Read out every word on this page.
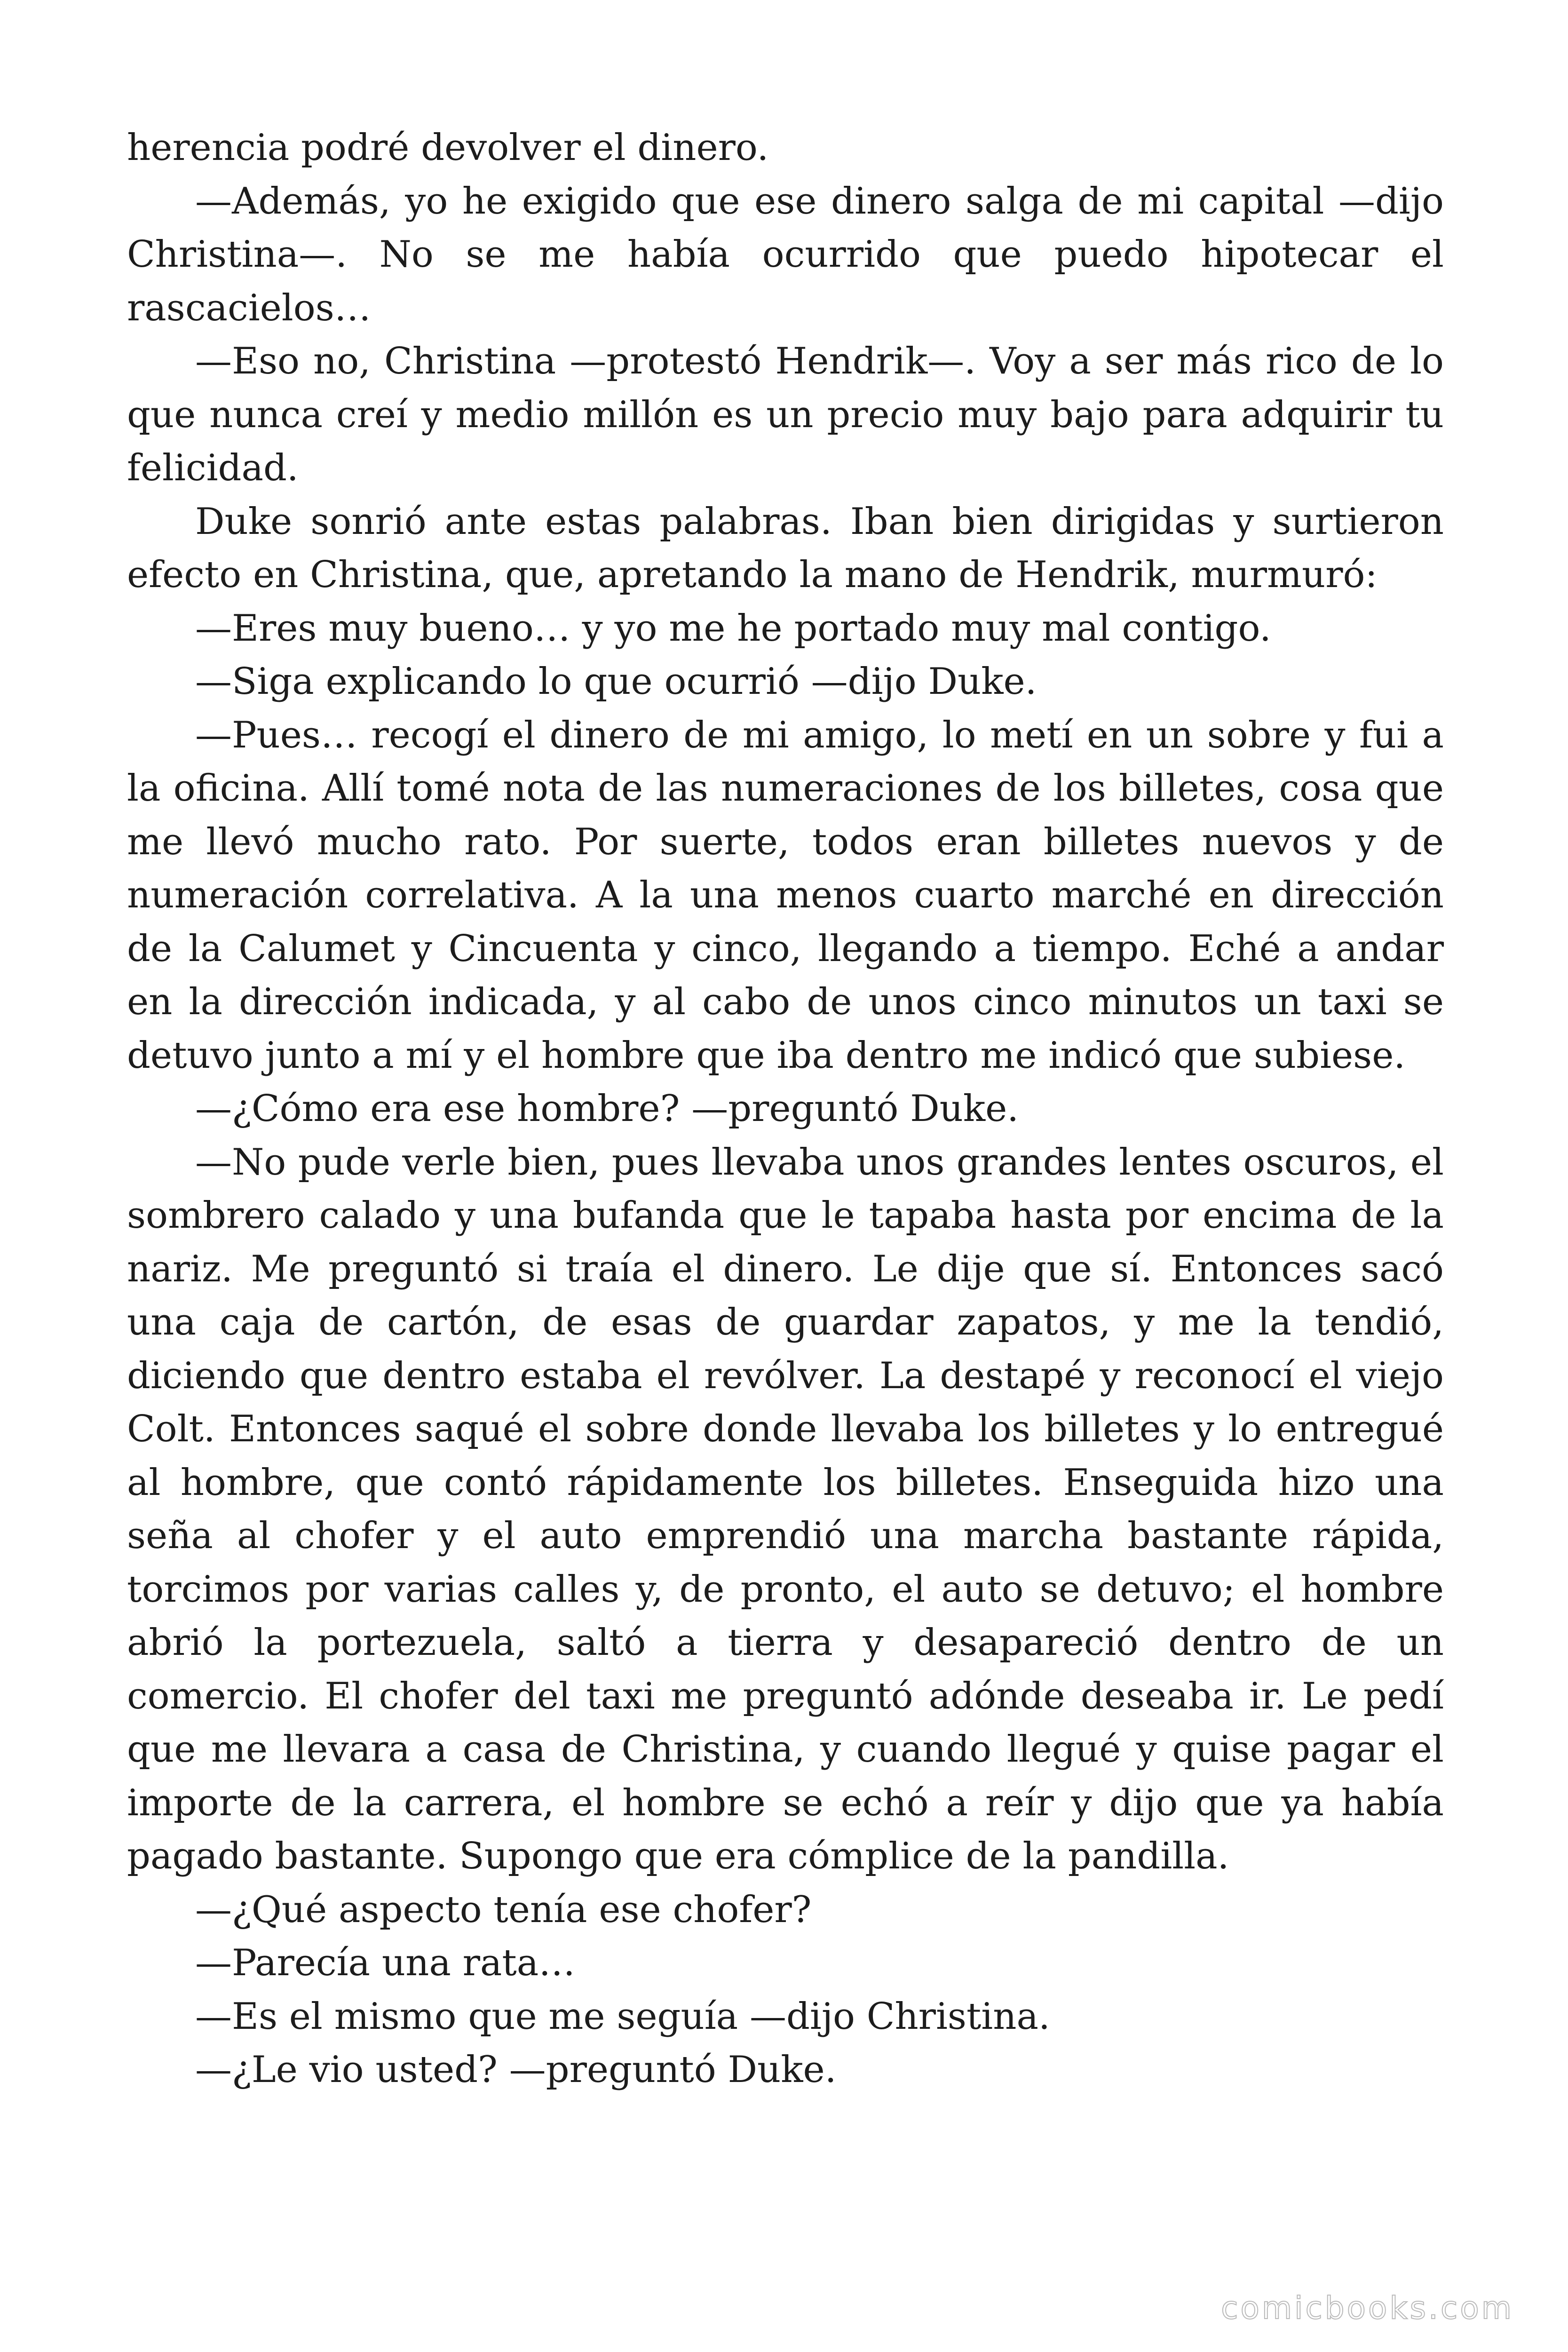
herencia podré devolver el dinero.

—Además, yo he exigido que ese dinero salga de mi capital —dijo Christina—. No se me había ocurrido que puedo hipotecar el rascacielos…

—Eso no, Christina —protestó Hendrik—. Voy a ser más rico de lo que nunca creí y medio millón es un precio muy bajo para adquirir tu felicidad.

Duke sonrió ante estas palabras. Iban bien dirigidas y surtieron efecto en Christina, que, apretando la mano de Hendrik, murmuró:

—Eres muy bueno… y yo me he portado muy mal contigo.

—Siga explicando lo que ocurrió —dijo Duke.

—Pues… recogí el dinero de mi amigo, lo metí en un sobre y fui a la oficina. Allí tomé nota de las numeraciones de los billetes, cosa que me llevó mucho rato. Por suerte, todos eran billetes nuevos y de numeración correlativa. A la una menos cuarto marché en dirección de la Calumet y Cincuenta y cinco, llegando a tiempo. Eché a andar en la dirección indicada, y al cabo de unos cinco minutos un taxi se detuvo junto a mí y el hombre que iba dentro me indicó que subiese.

—¿Cómo era ese hombre? —preguntó Duke.

—No pude verle bien, pues llevaba unos grandes lentes oscuros, el sombrero calado y una bufanda que le tapaba hasta por encima de la nariz. Me preguntó si traía el dinero. Le dije que sí. Entonces sacó una caja de cartón, de esas de guardar zapatos, y me la tendió, diciendo que dentro estaba el revólver. La destapé y reconocí el viejo Colt. Entonces saqué el sobre donde llevaba los billetes y lo entregué al hombre, que contó rápidamente los billetes. Enseguida hizo una seña al chofer y el auto emprendió una marcha bastante rápida, torcimos por varias calles y, de pronto, el auto se detuvo; el hombre abrió la portezuela, saltó a tierra y desapareció dentro de un comercio. El chofer del taxi me preguntó adónde deseaba ir. Le pedí que me llevara a casa de Christina, y cuando llegué y quise pagar el importe de la carrera, el hombre se echó a reír y dijo que ya había pagado bastante. Supongo que era cómplice de la pandilla.

—¿Qué aspecto tenía ese chofer?

—Parecía una rata…

—Es el mismo que me seguía —dijo Christina.

—¿Le vio usted? —preguntó Duke.

comicbooks.com
